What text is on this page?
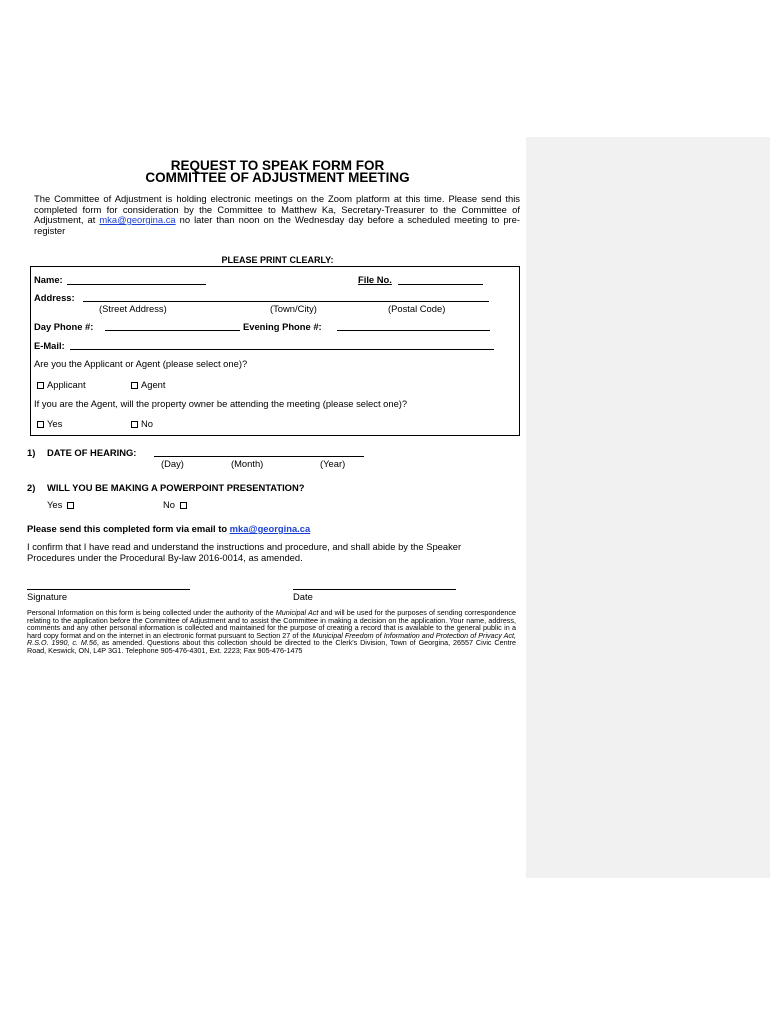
REQUEST TO SPEAK FORM FOR
COMMITTEE OF ADJUSTMENT MEETING
The Committee of Adjustment is holding electronic meetings on the Zoom platform at this time. Please send this completed form for consideration by the Committee to Matthew Ka, Secretary-Treasurer to the Committee of Adjustment, at mka@georgina.ca no later than noon on the Wednesday day before a scheduled meeting to pre-register
PLEASE PRINT CLEARLY:
Name:	File No.
Address:
(Street Address)	(Town/City)	(Postal Code)
Day Phone #:	Evening Phone #:
E-Mail:
Are you the Applicant or Agent (please select one)?
Applicant	Agent
If you are the Agent, will the property owner be attending the meeting (please select one)?
Yes	No
1) DATE OF HEARING:
(Day)	(Month)	(Year)
2) WILL YOU BE MAKING A POWERPOINT PRESENTATION?
Yes	No
Please send this completed form via email to mka@georgina.ca
I confirm that I have read and understand the instructions and procedure, and shall abide by the Speaker Procedures under the Procedural By-law 2016-0014, as amended.
Signature	Date
Personal Information on this form is being collected under the authority of the Municipal Act and will be used for the purposes of sending correspondence relating to the application before the Committee of Adjustment and to assist the Committee in making a decision on the application. Your name, address, comments and any other personal information is collected and maintained for the purpose of creating a record that is available to the general public in a hard copy format and on the internet in an electronic format pursuant to Section 27 of the Municipal Freedom of Information and Protection of Privacy Act, R.S.O. 1990, c. M.56, as amended. Questions about this collection should be directed to the Clerk's Division, Town of Georgina, 26557 Civic Centre Road, Keswick, ON, L4P 3G1. Telephone 905-476-4301, Ext. 2223; Fax 905-476-1475
